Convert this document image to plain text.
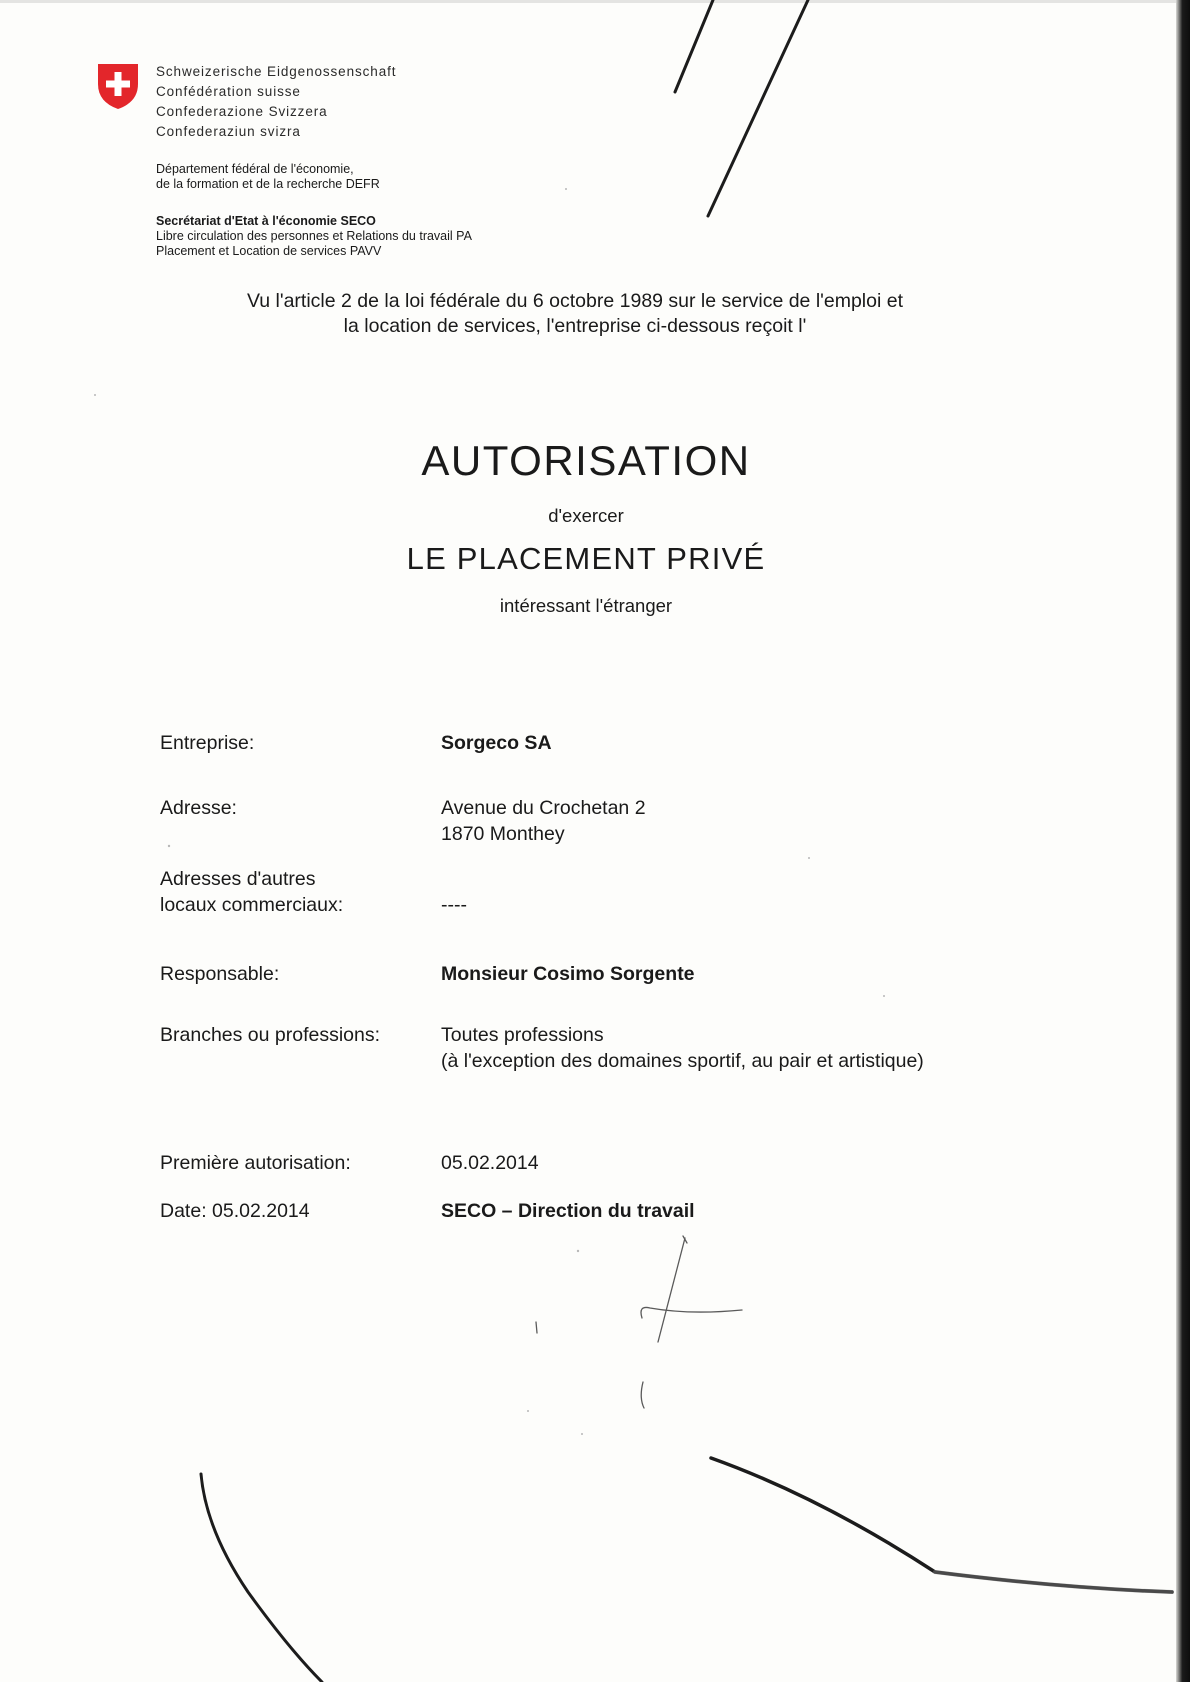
Schweizerische Eidgenossenschaft
Confédération suisse
Confederazione Svizzera
Confederaziun svizra
Département fédéral de l'économie,
de la formation et de la recherche DEFR
Secrétariat d'Etat à l'économie SECO
Libre circulation des personnes et Relations du travail PA
Placement et Location de services PAVV
Vu l'article 2 de la loi fédérale du 6 octobre 1989 sur le service de l'emploi et
la location de services, l'entreprise ci-dessous reçoit l'
AUTORISATION
d'exercer
LE PLACEMENT PRIVÉ
intéressant l'étranger
Entreprise:	Sorgeco SA
Adresse:	Avenue du Crochetan 2
1870 Monthey
Adresses d'autres
locaux commerciaux:	----
Responsable:	Monsieur Cosimo Sorgente
Branches ou professions:	Toutes professions
(à l'exception des domaines sportif, au pair et artistique)
Première autorisation:	05.02.2014
Date: 05.02.2014	SECO – Direction du travail
